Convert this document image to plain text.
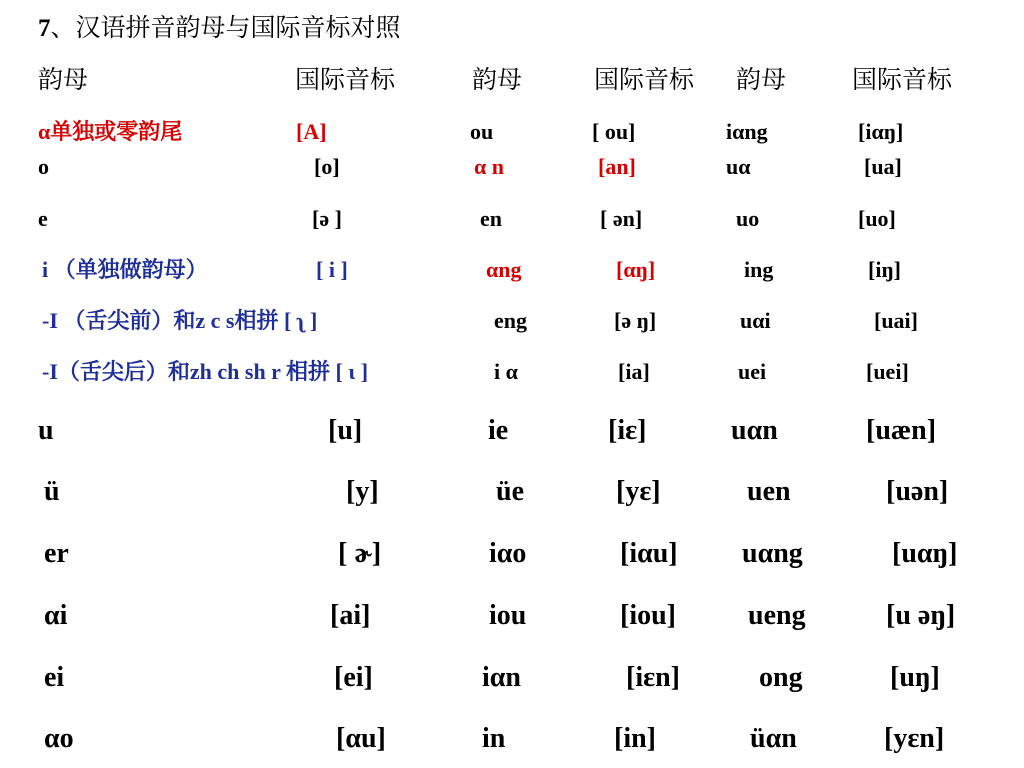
7、汉语拼音韵母与国际音标对照
韵母	国际音标	韵母	国际音标 韵母	国际音标
α单独或零韵尾	[A]	ou	[ ou]	iαng	[iαŋ]
o	[o]	α n	[an]	uα	[ua]
e	[ə ]	en	[ ən]	uo	[uo]
i （单独做韵母）	[ i ]	αng	[αŋ]	ing	[iŋ]
-I （舌尖前）和z c s相拼 [ ʅ ]	eng	[ə ŋ]	uαi	[uai]
-I（舌尖后）和zh ch sh r 相拼 [ ɩ ]	i α	[ia]	uei	[uei]
u	[u]	ie	[iɛ]	uαn	[uæn]
ü	[y]	üe	[yɛ]	uen	[uən]
er	[ ɚ]	iαo	[iαu] uαng	[uαŋ]
αi	[ai]	iou	[iou]	ueng	[u əŋ]
ei	[ei]	iαn	[iɛn]	ong	[uŋ]
αo	[αu]	in	[in]	üαn	[yɛn]
